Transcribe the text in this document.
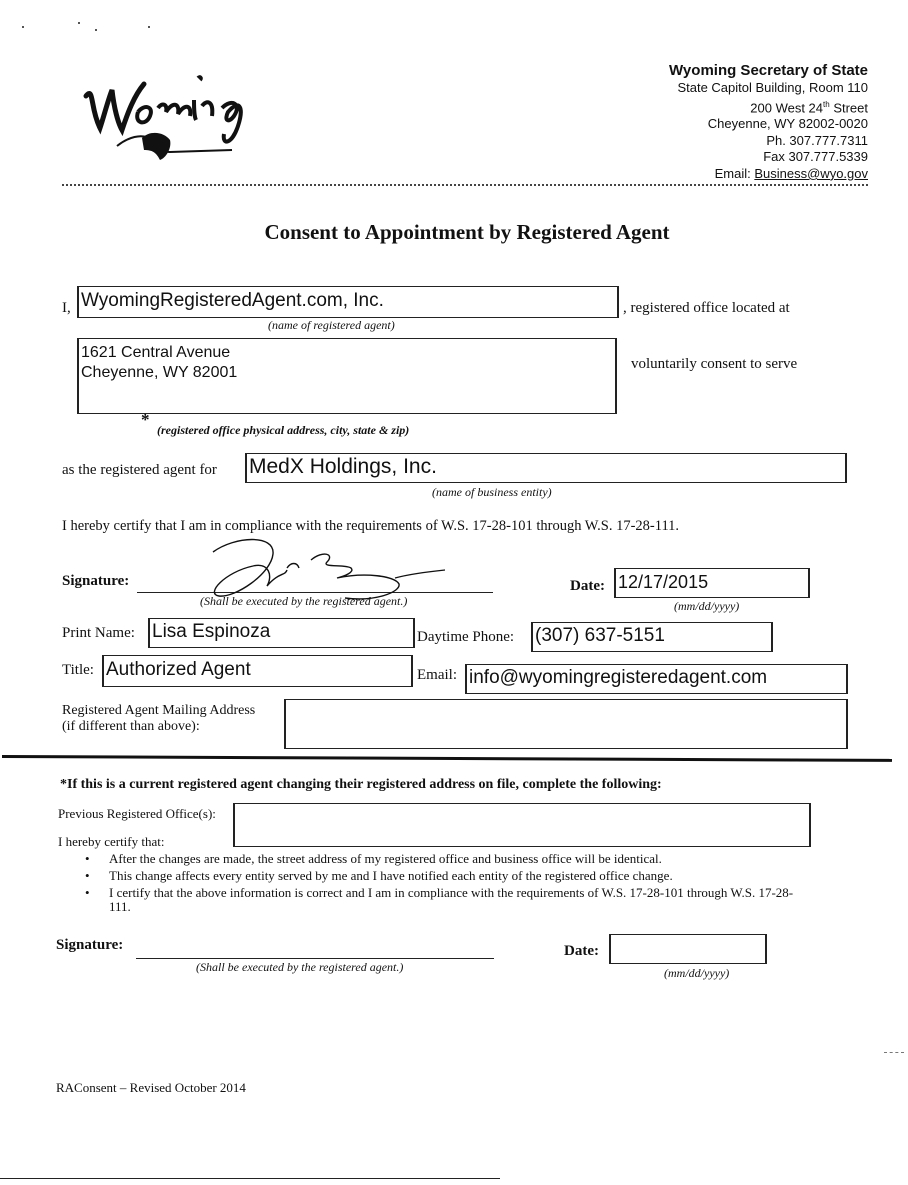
Wyoming
Wyoming Secretary of State
State Capitol Building, Room 110
200 West 24th Street
Cheyenne, WY 82002-0020
Ph. 307.777.7311
Fax 307.777.5339
Email: Business@wyo.gov
Consent to Appointment by Registered Agent
I, WyomingRegisteredAgent.com, Inc.	, registered office located at
(name of registered agent)
1621 Central Avenue
Cheyenne, WY 82001	voluntarily consent to serve
*
(registered office physical address, city, state & zip)
as the registered agent for MedX Holdings, Inc.
(name of business entity)
I hereby certify that I am in compliance with the requirements of W.S. 17-28-101 through W.S. 17-28-111.
Signature:
(Shall be executed by the registered agent.)
Date: 12/17/2015
(mm/dd/yyyy)
Print Name: Lisa Espinoza	Daytime Phone: (307) 637-5151
Title: Authorized Agent	Email: info@wyomingregisteredagent.com
Registered Agent Mailing Address
(if different than above):
*If this is a current registered agent changing their registered address on file, complete the following:
Previous Registered Office(s):
I hereby certify that:
• After the changes are made, the street address of my registered office and business office will be identical.
• This change affects every entity served by me and I have notified each entity of the registered office change.
• I certify that the above information is correct and I am in compliance with the requirements of W.S. 17-28-101 through W.S. 17-28-111.
Signature:
(Shall be executed by the registered agent.)
Date:
(mm/dd/yyyy)
RAConsent – Revised October 2014
